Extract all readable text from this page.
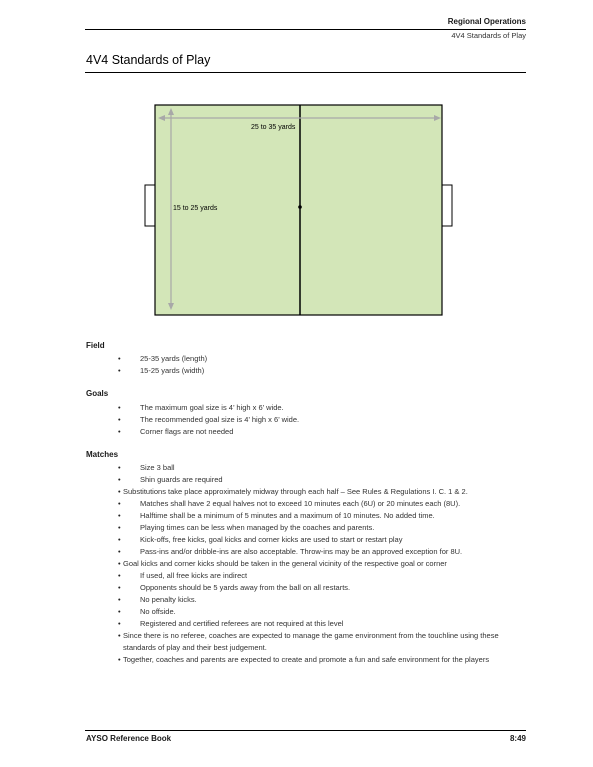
Regional Operations
4V4 Standards of Play
4V4 Standards of Play
25 to 35 yards
15 to 25 yards
Field
• 25-35 yards (length)
• 15-25 yards (width)
Goals
• The maximum goal size is 4’ high x 6’ wide.
• The recommended goal size is 4’ high x 6’ wide.
• Corner flags are not needed
Matches
• Size 3 ball
• Shin guards are required
• Substitutions take place approximately midway through each half – See Rules & Regulations I. C. 1 & 2.
• Matches shall have 2 equal halves not to exceed 10 minutes each (6U) or 20 minutes each (8U).
• Halftime shall be a minimum of 5 minutes and a maximum of 10 minutes. No added time.
• Playing times can be less when managed by the coaches and parents.
• Kick-offs, free kicks, goal kicks and corner kicks are used to start or restart play
• Pass-ins and/or dribble-ins are also acceptable. Throw-ins may be an approved exception for 8U.
• Goal kicks and corner kicks should be taken in the general vicinity of the respective goal or corner
• If used, all free kicks are indirect
• Opponents should be 5 yards away from the ball on all restarts.
• No penalty kicks.
• No offside.
• Registered and certified referees are not required at this level
• Since there is no referee, coaches are expected to manage the game environment from the touchline using these standards of play and their best judgement.
• Together, coaches and parents are expected to create and promote a fun and safe environment for the players
AYSO Reference Book	8:49
